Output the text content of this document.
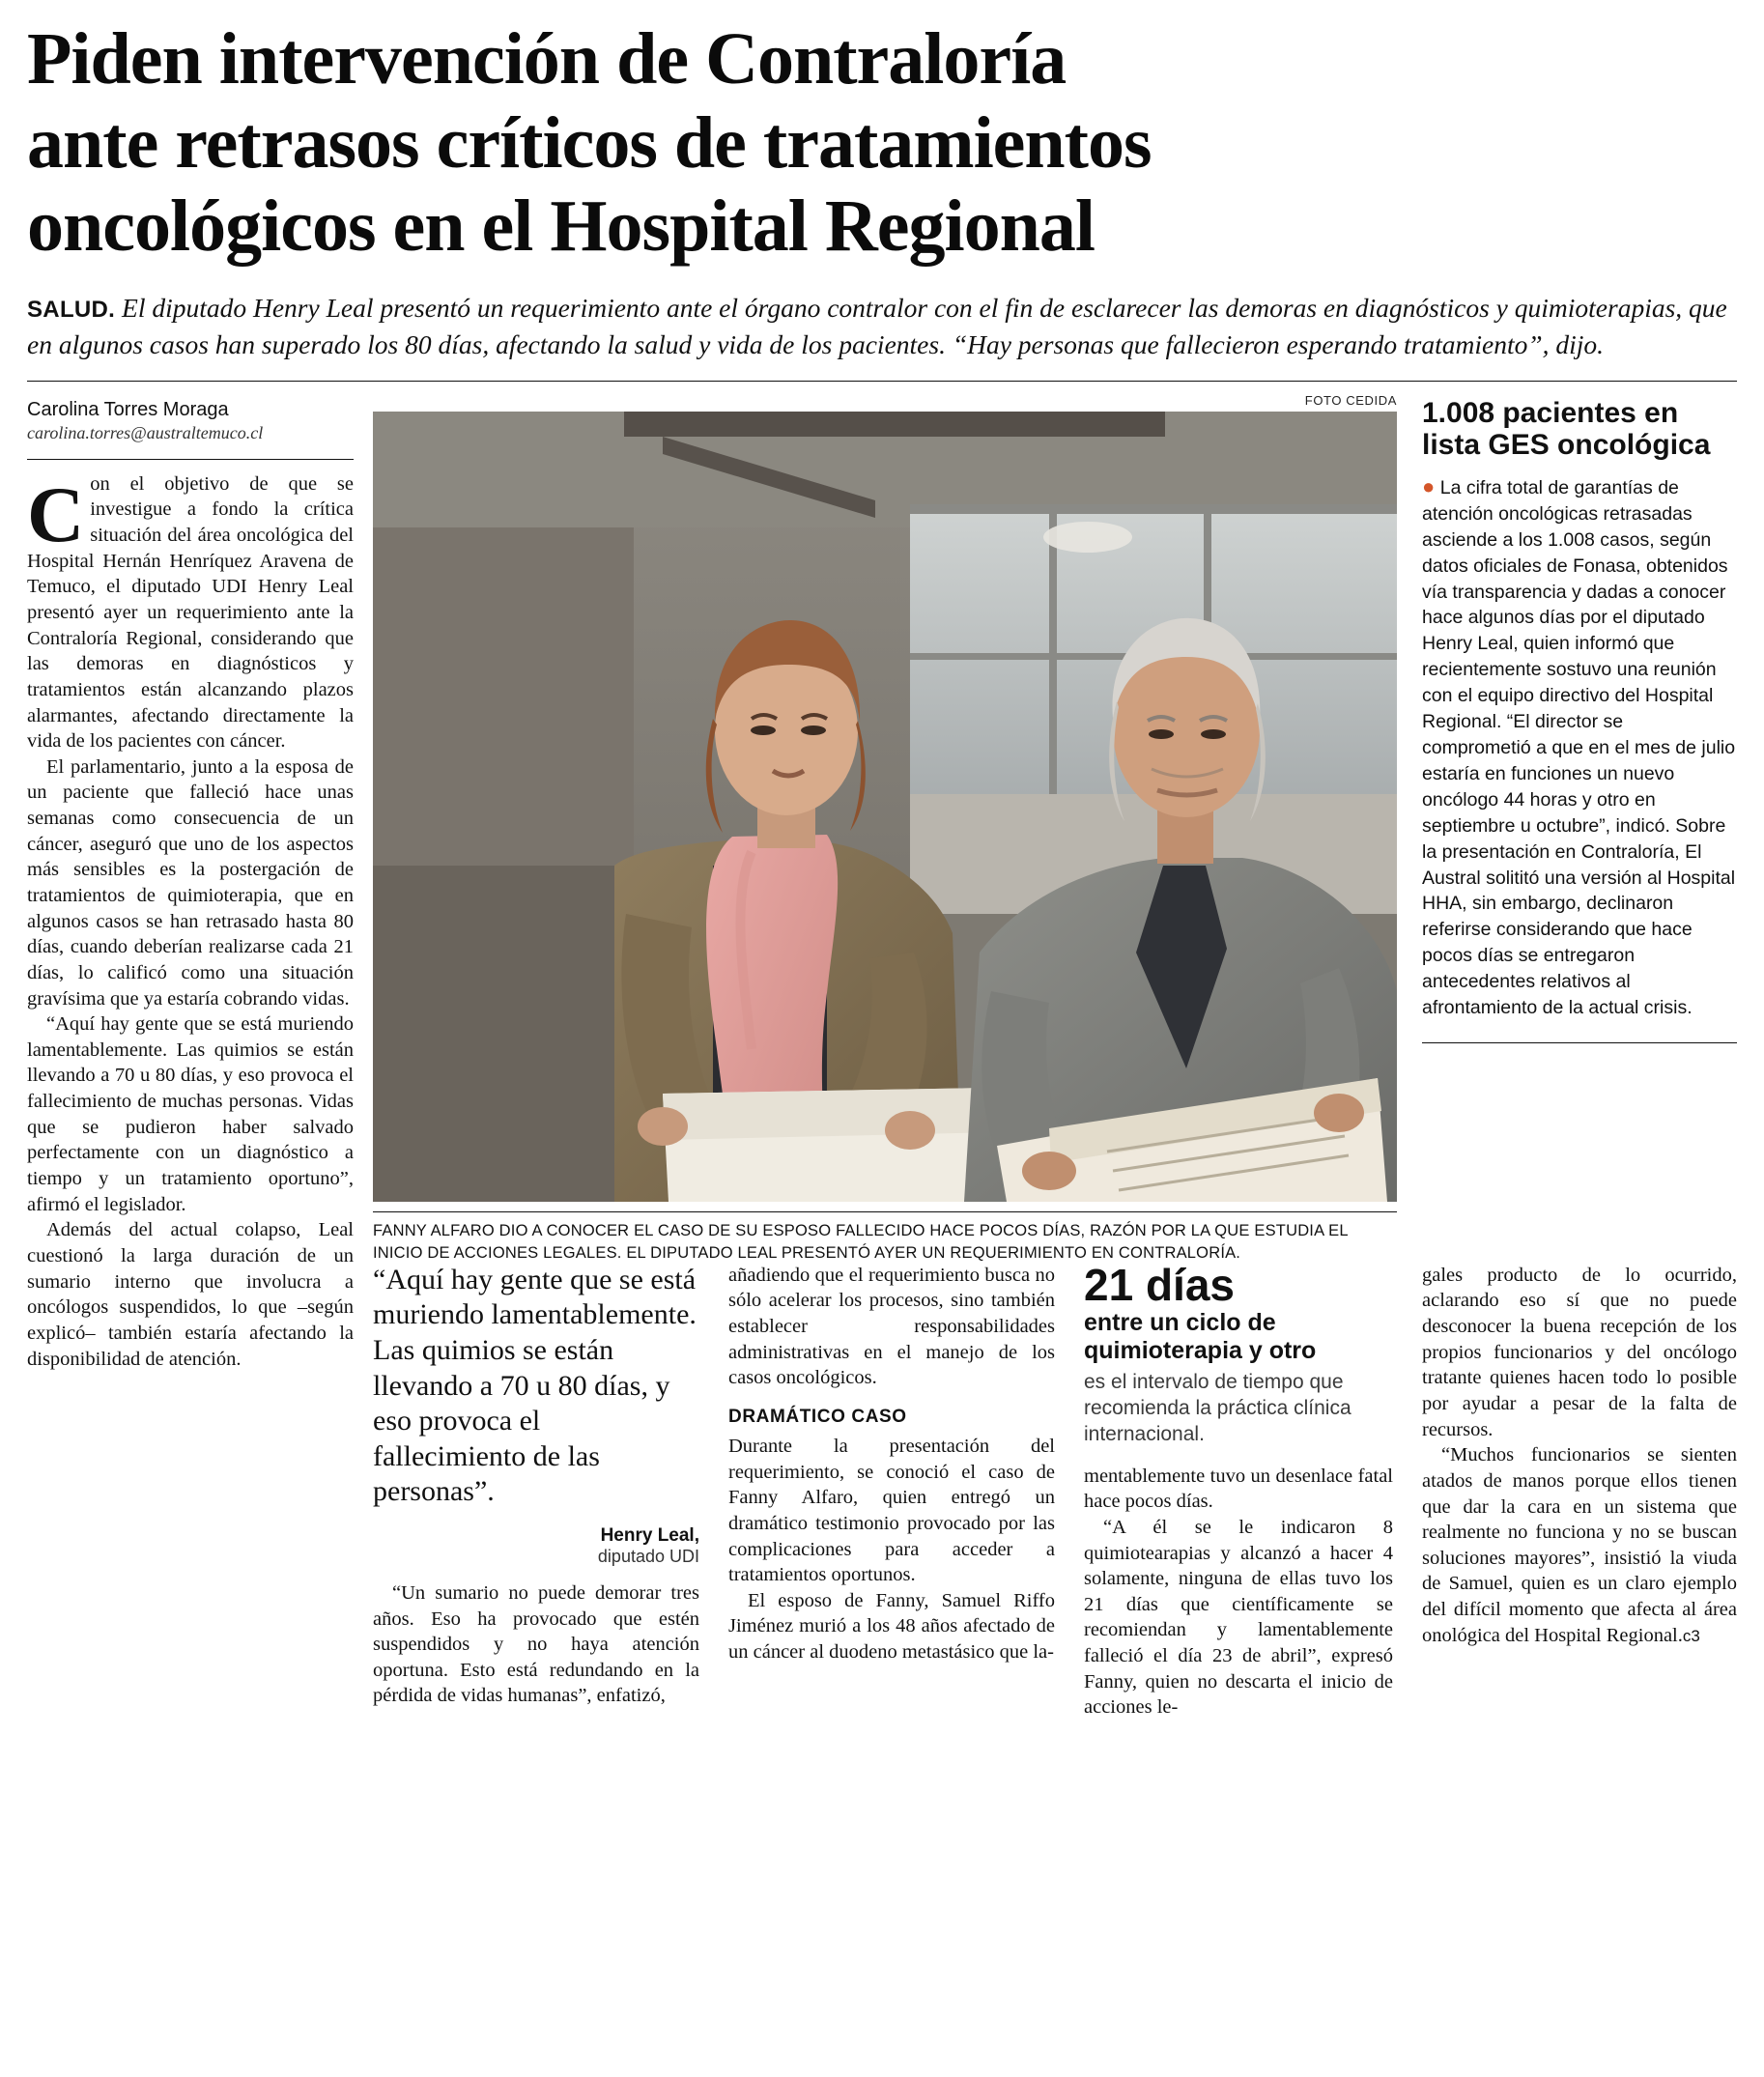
Piden intervención de Contraloría
ante retrasos críticos de tratamientos
oncológicos en el Hospital Regional

SALUD. El diputado Henry Leal presentó un requerimiento ante el órgano contralor con el fin de esclarecer las demoras en diagnósticos y quimioterapias, que en algunos casos han superado los 80 días, afectando la salud y vida de los pacientes. “Hay personas que fallecieron esperando tratamiento”, dijo.

Carolina Torres Moraga
carolina.torres@australtemuco.cl

Con el objetivo de que se investigue a fondo la crítica situación del área oncológica del Hospital Hernán Henríquez Aravena de Temuco, el diputado UDI Henry Leal presentó ayer un requerimiento ante la Contraloría Regional, considerando que las demoras en diagnósticos y tratamientos están alcanzando plazos alarmantes, afectando directamente la vida de los pacientes con cáncer.

El parlamentario, junto a la esposa de un paciente que falleció hace unas semanas como consecuencia de un cáncer, aseguró que uno de los aspectos más sensibles es la postergación de tratamientos de quimioterapia, que en algunos casos se han retrasado hasta 80 días, cuando deberían realizarse cada 21 días, lo calificó como una situación gravísima que ya estaría cobrando vidas.

“Aquí hay gente que se está muriendo lamentablemente. Las quimios se están llevando a 70 u 80 días, y eso provoca el fallecimiento de muchas personas. Vidas que se pudieron haber salvado perfectamente con un diagnóstico a tiempo y un tratamiento oportuno”, afirmó el legislador.

Además del actual colapso, Leal cuestionó la larga duración de un sumario interno que involucra a oncólogos suspendidos, lo que –según explicó– también estaría afectando la disponibilidad de atención.

FOTO CEDIDA
FANNY ALFARO DIO A CONOCER EL CASO DE SU ESPOSO FALLECIDO HACE POCOS DÍAS, RAZÓN POR LA QUE ESTUDIA EL INICIO DE ACCIONES LEGALES. EL DIPUTADO LEAL PRESENTÓ AYER UN REQUERIMIENTO EN CONTRALORÍA.
1.008 pacientes en lista GES oncológica
● La cifra total de garantías de atención oncológicas retrasadas asciende a los 1.008 casos, según datos oficiales de Fonasa, obtenidos vía transparencia y dadas a conocer hace algunos días por el diputado Henry Leal, quien informó que recientemente sostuvo una reunión con el equipo directivo del Hospital Regional. “El director se comprometió a que en el mes de julio estaría en funciones un nuevo oncólogo 44 horas y otro en septiembre u octubre”, indicó. Sobre la presentación en Contraloría, El Austral solititó una versión al Hospital HHA, sin embargo, declinaron referirse considerando que hace pocos días se entregaron antecedentes relativos al afrontamiento de la actual crisis.
“Aquí hay gente que se está muriendo lamentablemente. Las quimios se están llevando a 70 u 80 días, y eso provoca el fallecimiento de las personas”.
Henry Leal,
diputado UDI

“Un sumario no puede demorar tres años. Eso ha provocado que estén suspendidos y no haya atención oportuna. Esto está redundando en la pérdida de vidas humanas”, enfatizó,

añadiendo que el requerimiento busca no sólo acelerar los procesos, sino también establecer responsabilidades administrativas en el manejo de los casos oncológicos.

DRAMÁTICO CASO

Durante la presentación del requerimiento, se conoció el caso de Fanny Alfaro, quien entregó un dramático testimonio provocado por las complicaciones para acceder a tratamientos oportunos.

El esposo de Fanny, Samuel Riffo Jiménez murió a los 48 años afectado de un cáncer al duodeno metastásico que la-

21 días
entre un ciclo de quimioterapia y otro
es el intervalo de tiempo que recomienda la práctica clínica internacional.

mentablemente tuvo un desenlace fatal hace pocos días.

“A él se le indicaron 8 quimiotearapias y alcanzó a hacer 4 solamente, ninguna de ellas tuvo los 21 días que científicamente se recomiendan y lamentablemente falleció el día 23 de abril”, expresó Fanny, quien no descarta el inicio de acciones le-

gales producto de lo ocurrido, aclarando eso sí que no puede desconocer la buena recepción de los propios funcionarios y del oncólogo tratante quienes hacen todo lo posible por ayudar a pesar de la falta de recursos.

“Muchos funcionarios se sienten atados de manos porque ellos tienen que dar la cara en un sistema que realmente no funciona y no se buscan soluciones mayores”, insistió la viuda de Samuel, quien es un claro ejemplo del difícil momento que afecta al área onológica del Hospital Regional.c3
